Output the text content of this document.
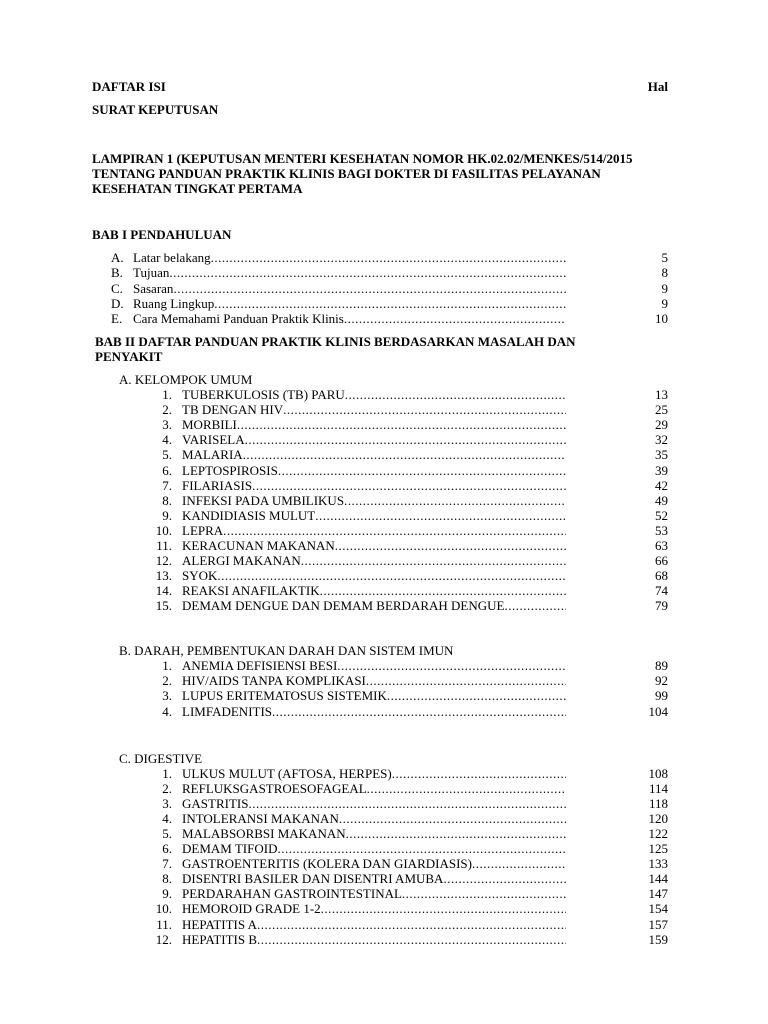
DAFTAR ISI	Hal
SURAT KEPUTUSAN
LAMPIRAN 1 (KEPUTUSAN MENTERI KESEHATAN NOMOR HK.02.02/MENKES/514/2015
TENTANG PANDUAN PRAKTIK KLINIS BAGI DOKTER DI FASILITAS PELAYANAN
KESEHATAN TINGKAT PERTAMA
BAB I PENDAHULUAN
A. Latar belakang .....	5
B. Tujuan .....	8
C. Sasaran .....	9
D. Ruang Lingkup .....	9
E. Cara Memahami Panduan Praktik Klinis .....	10
BAB II DAFTAR PANDUAN PRAKTIK KLINIS BERDASARKAN MASALAH DAN
PENYAKIT
A. KELOMPOK UMUM
1. TUBERKULOSIS (TB) PARU .....	13
2. TB DENGAN HIV .....	25
3. MORBILI .....	29
4. VARISELA .....	32
5. MALARIA .....	35
6. LEPTOSPIROSIS .....	39
7. FILARIASIS .....	42
8. INFEKSI PADA UMBILIKUS .....	49
9. KANDIDIASIS MULUT .....	52
10. LEPRA .....	53
11. KERACUNAN MAKANAN .....	63
12. ALERGI MAKANAN .....	66
13. SYOK .....	68
14. REAKSI ANAFILAKTIK .....	74
15. DEMAM DENGUE DAN DEMAM BERDARAH DENGUE .....	79
B. DARAH, PEMBENTUKAN DARAH DAN SISTEM IMUN
1. ANEMIA DEFISIENSI BESI .....	89
2. HIV/AIDS TANPA KOMPLIKASI .....	92
3. LUPUS ERITEMATOSUS SISTEMIK .....	99
4. LIMFADENITIS .....	104
C. DIGESTIVE
1. ULKUS MULUT (AFTOSA, HERPES) .....	108
2. REFLUKSGASTROESOFAGEAL .....	114
3. GASTRITIS .....	118
4. INTOLERANSI MAKANAN .....	120
5. MALABSORBSI MAKANAN .....	122
6. DEMAM TIFOID .....	125
7. GASTROENTERITIS (KOLERA DAN GIARDIASIS) .....	133
8. DISENTRI BASILER DAN DISENTRI AMUBA .....	144
9. PERDARAHAN GASTROINTESTINAL .....	147
10. HEMOROID GRADE 1-2 .....	154
11. HEPATITIS A .....	157
12. HEPATITIS B .....	159
